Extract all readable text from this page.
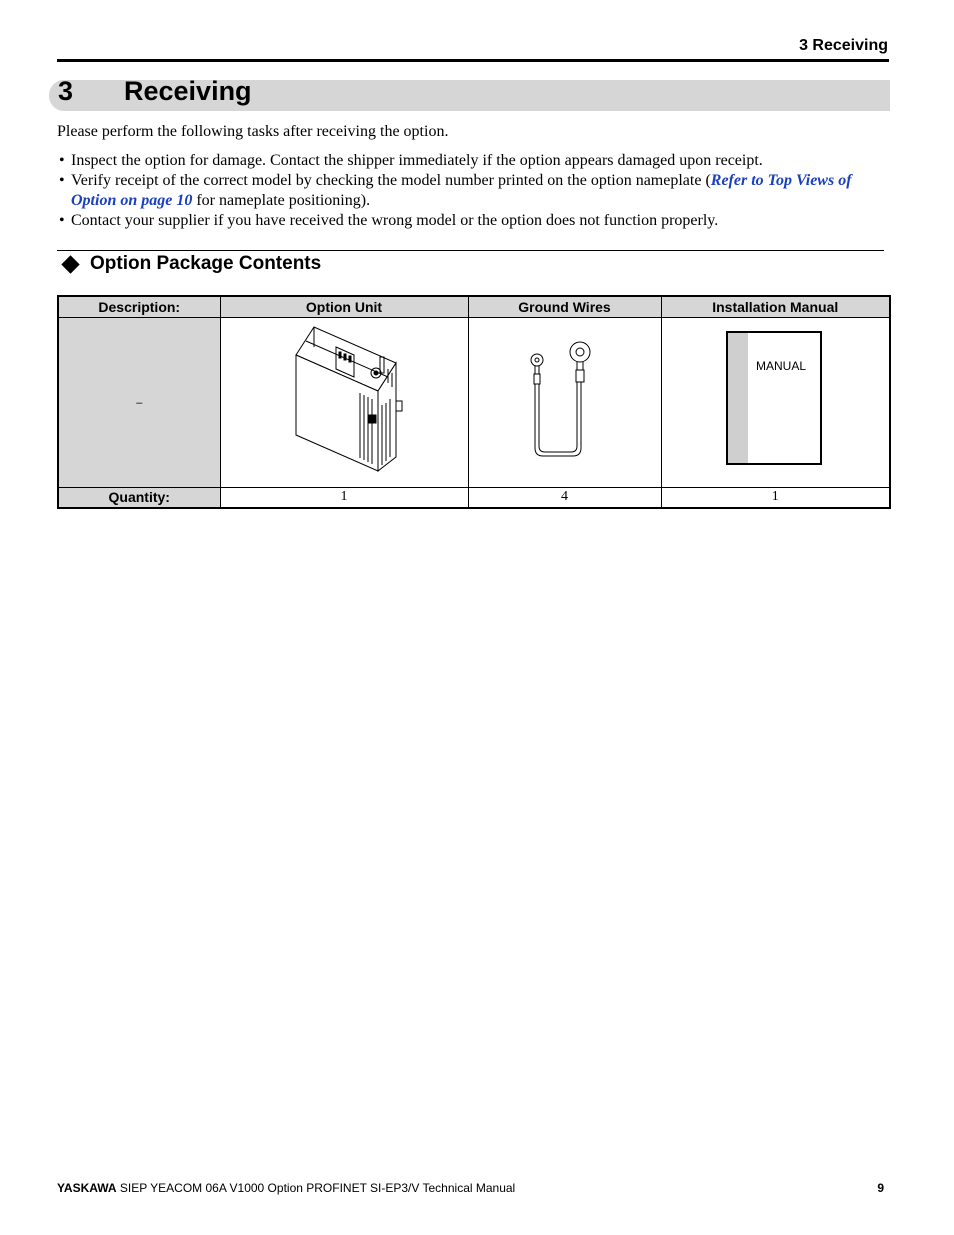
3 Receiving
3 Receiving

Please perform the following tasks after receiving the option.

• Inspect the option for damage. Contact the shipper immediately if the option appears damaged upon receipt.
• Verify receipt of the correct model by checking the model number printed on the option nameplate (Refer to Top Views of Option on page 10 for nameplate positioning).
• Contact your supplier if you have received the wrong model or the option does not function properly.
Option Package Contents
Description:	Option Unit	Ground Wires	Installation Manual
–			MANUAL

Quantity:	1	4	1
YASKAWA SIEP YEACOM 06A V1000 Option PROFINET SI-EP3/V Technical Manual	9
